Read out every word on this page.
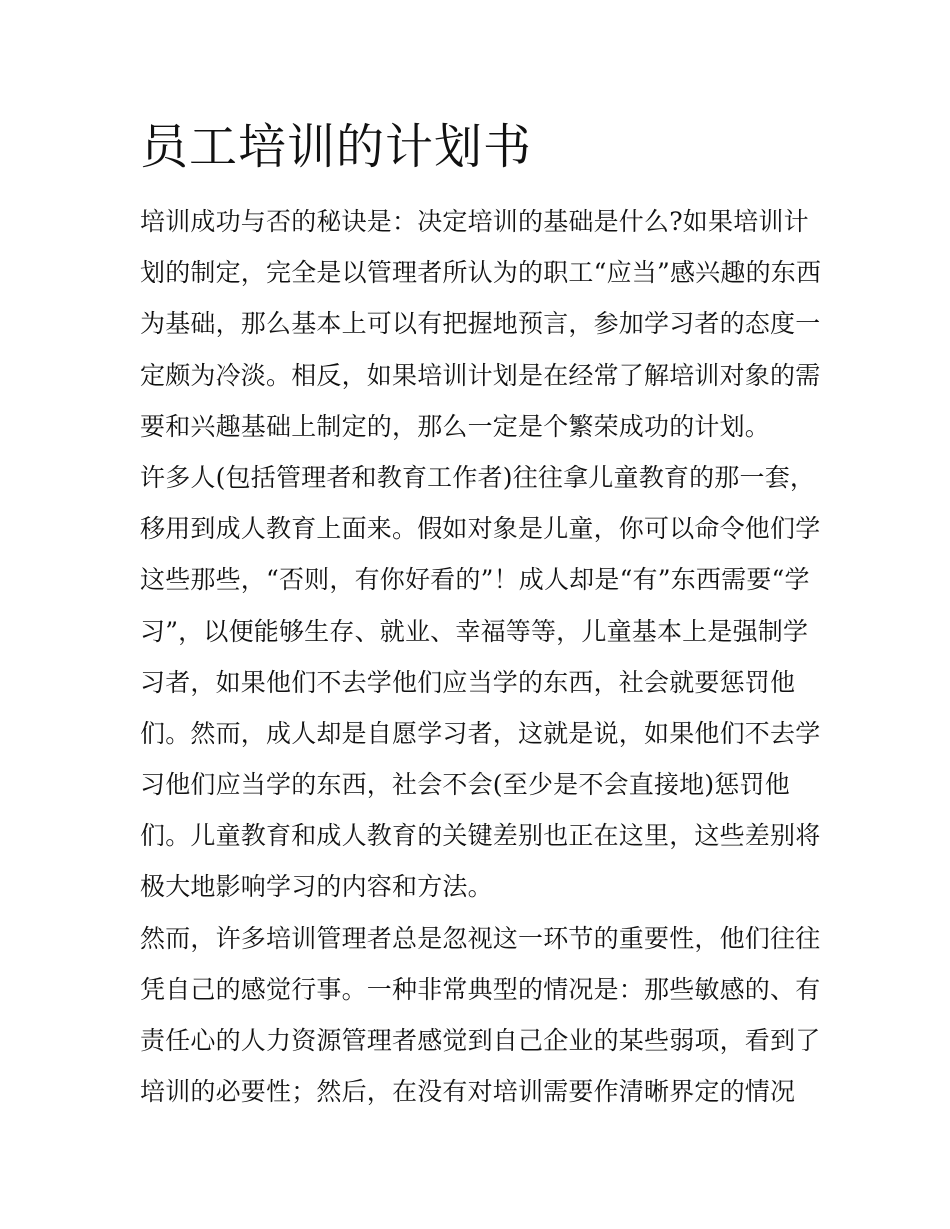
员工培训的计划书
培训成功与否的秘诀是：决定培训的基础是什么?如果培训计
划的制定，完全是以管理者所认为的职工“应当”感兴趣的东西
为基础，那么基本上可以有把握地预言，参加学习者的态度一
定颇为冷淡。相反，如果培训计划是在经常了解培训对象的需
要和兴趣基础上制定的，那么一定是个繁荣成功的计划。
许多人(包括管理者和教育工作者)往往拿儿童教育的那一套，
移用到成人教育上面来。假如对象是儿童，你可以命令他们学
这些那些，“否则，有你好看的”！成人却是“有”东西需要“学
习”，以便能够生存、就业、幸福等等，儿童基本上是强制学
习者，如果他们不去学他们应当学的东西，社会就要惩罚他
们。然而，成人却是自愿学习者，这就是说，如果他们不去学
习他们应当学的东西，社会不会(至少是不会直接地)惩罚他
们。儿童教育和成人教育的关键差别也正在这里，这些差别将
极大地影响学习的内容和方法。
然而，许多培训管理者总是忽视这一环节的重要性，他们往往
凭自己的感觉行事。一种非常典型的情况是：那些敏感的、有
责任心的人力资源管理者感觉到自己企业的某些弱项，看到了
培训的必要性；然后，在没有对培训需要作清晰界定的情况
